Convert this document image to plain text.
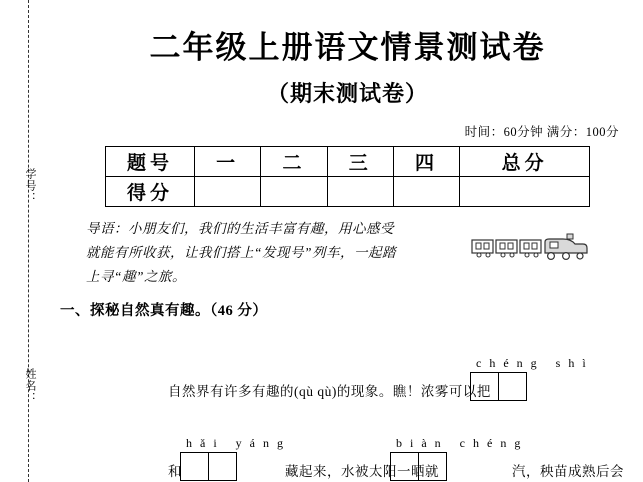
学号：
姓名：
二年级上册语文情景测试卷
（期末测试卷）
时间：60分钟 满分：100分
题号	一	二	三	四	总分
得分					

导语：小朋友们，我们的生活丰富有趣，用心感受

就能有所收获，让我们搭上“发现号”列车，一起踏

上寻“趣”之旅。

一、探秘自然真有趣。（46 分）
chéng shì
自然界有许多有趣的(qù qù)的现象。瞧！浓雾可以把
hǎi yáng	biàn chéng
和	藏起来，水被太阳一晒就	汽，秧苗成熟后会
